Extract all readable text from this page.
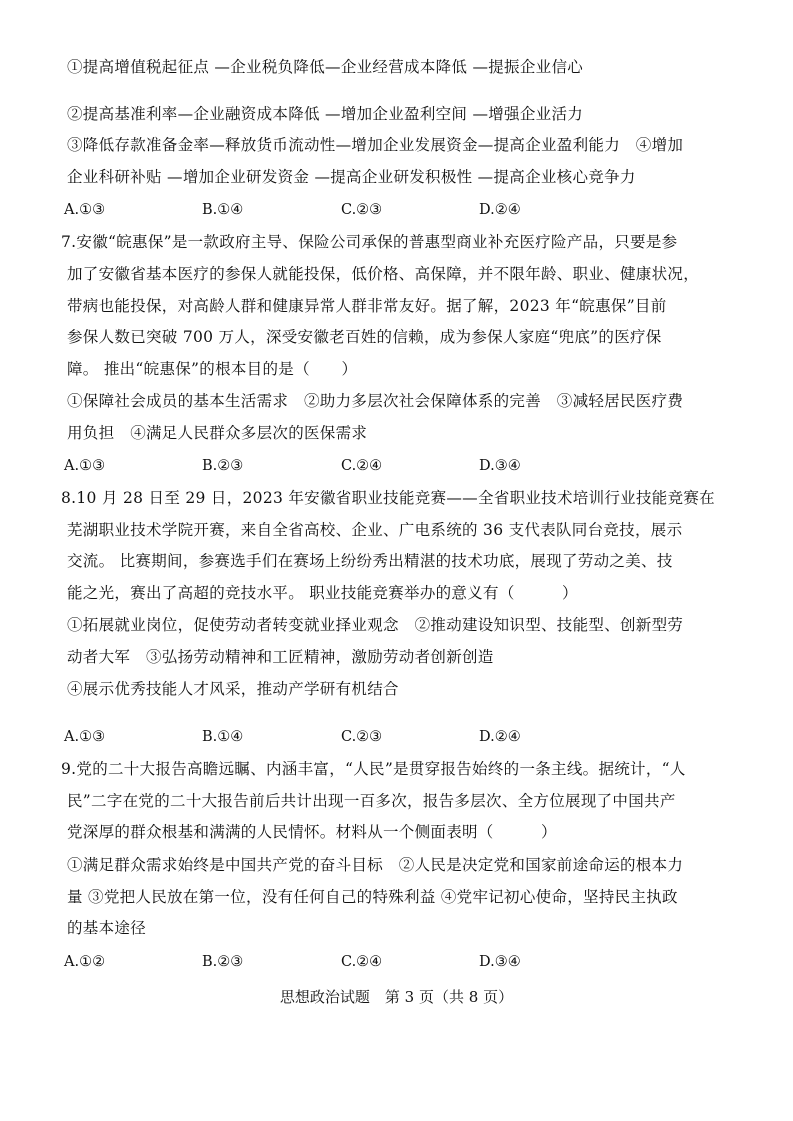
①提高增值税起征点 —企业税负降低—企业经营成本降低 —提振企业信心
②提高基准利率—企业融资成本降低 —增加企业盈利空间 —增强企业活力
③降低存款准备金率—释放货币流动性—增加企业发展资金—提高企业盈利能力　④增加
企业科研补贴 —增加企业研发资金 —提高企业研发积极性 —提高企业核心竞争力
A.①③	B.①④	C.②③	D.②④
7.安徽“皖惠保”是一款政府主导、保险公司承保的普惠型商业补充医疗险产品，只要是参
加了安徽省基本医疗的参保人就能投保，低价格、高保障，并不限年龄、职业、健康状况，
带病也能投保，对高龄人群和健康异常人群非常友好。据了解，2023 年“皖惠保”目前
参保人数已突破 700 万人，深受安徽老百姓的信赖，成为参保人家庭“兜底”的医疗保
障。 推出“皖惠保”的根本目的是（　　）
①保障社会成员的基本生活需求　②助力多层次社会保障体系的完善　③减轻居民医疗费
用负担　④满足人民群众多层次的医保需求
A.①③	B.②③	C.②④	D.③④
8.10 月 28 日至 29 日，2023 年安徽省职业技能竞赛——全省职业技术培训行业技能竞赛在
芜湖职业技术学院开赛，来自全省高校、企业、广电系统的 36 支代表队同台竞技，展示
交流。 比赛期间，参赛选手们在赛场上纷纷秀出精湛的技术功底，展现了劳动之美、技
能之光，赛出了高超的竞技水平。 职业技能竞赛举办的意义有（　　　）
①拓展就业岗位，促使劳动者转变就业择业观念　②推动建设知识型、技能型、创新型劳
动者大军　③弘扬劳动精神和工匠精神，激励劳动者创新创造
④展示优秀技能人才风采，推动产学研有机结合
A.①③	B.①④	C.②③	D.②④
9.党的二十大报告高瞻远瞩、内涵丰富，“人民”是贯穿报告始终的一条主线。据统计，“人
民”二字在党的二十大报告前后共计出现一百多次，报告多层次、全方位展现了中国共产
党深厚的群众根基和满满的人民情怀。材料从一个侧面表明（　　　）
①满足群众需求始终是中国共产党的奋斗目标　②人民是决定党和国家前途命运的根本力
量 ③党把人民放在第一位，没有任何自己的特殊利益 ④党牢记初心使命，坚持民主执政
的基本途径
A.①②	B.②③	C.②④	D.③④
思想政治试题　第 3 页（共 8 页）
